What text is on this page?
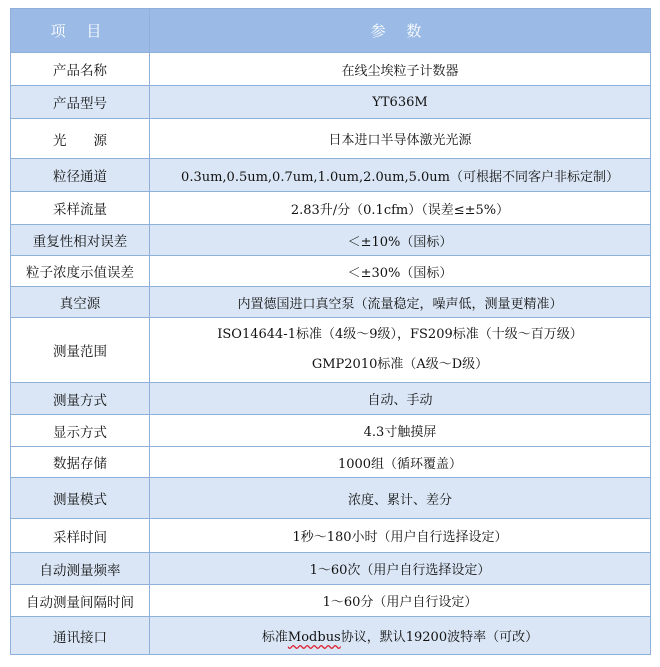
项 目	参 数
产品名称	在线尘埃粒子计数器
产品型号	YT636M
光　　源	日本进口半导体激光光源
粒径通道	0.3um,0.5um,0.7um,1.0um,2.0um,5.0um（可根据不同客户非标定制）
采样流量	2.83升/分（0.1cfm）（误差≤±5%）
重复性相对误差	＜±10%（国标）
粒子浓度示值误差	＜±30%（国标）
真空源	内置德国进口真空泵（流量稳定，噪声低，测量更精准）
测量范围	ISO14644-1标准（4级～9级），FS209标准（十级～百万级）
GMP2010标准（A级～D级）

测量方式	自动、手动
显示方式	4.3寸触摸屏
数据存储	1000组（循环覆盖）
测量模式	浓度、累计、差分
采样时间	1秒～180小时（用户自行选择设定）
自动测量频率	1～60次（用户自行选择设定）
自动测量间隔时间	1～60分（用户自行设定）
通讯接口	标准Modbus协议，默认19200波特率（可改）
